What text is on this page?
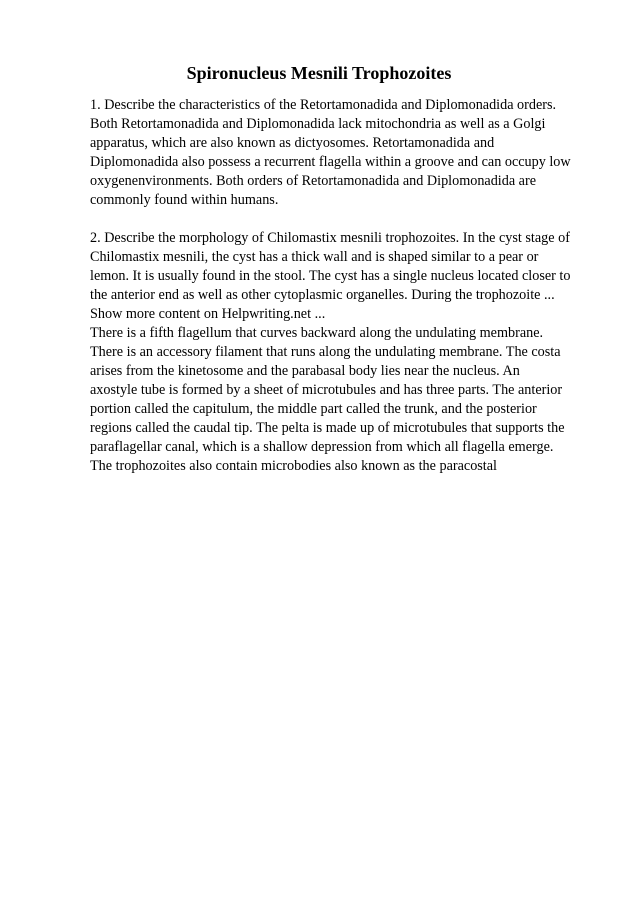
Spironucleus Mesnili Trophozoites
1. Describe the characteristics of the Retortamonadida and Diplomonadida orders.
Both Retortamonadida and Diplomonadida lack mitochondria as well as a Golgi
apparatus, which are also known as dictyosomes. Retortamonadida and
Diplomonadida also possess a recurrent flagella within a groove and can occupy low
oxygenenvironments. Both orders of Retortamonadida and Diplomonadida are
commonly found within humans.
2. Describe the morphology of Chilomastix mesnili trophozoites. In the cyst stage of
Chilomastix mesnili, the cyst has a thick wall and is shaped similar to a pear or
lemon. It is usually found in the stool. The cyst has a single nucleus located closer to
the anterior end as well as other cytoplasmic organelles. During the trophozoite ...
Show more content on Helpwriting.net ...
There is a fifth flagellum that curves backward along the undulating membrane.
There is an accessory filament that runs along the undulating membrane. The costa
arises from the kinetosome and the parabasal body lies near the nucleus. An
axostyle tube is formed by a sheet of microtubules and has three parts. The anterior
portion called the capitulum, the middle part called the trunk, and the posterior
regions called the caudal tip. The pelta is made up of microtubules that supports the
paraflagellar canal, which is a shallow depression from which all flagella emerge.
The trophozoites also contain microbodies also known as the paracostal
